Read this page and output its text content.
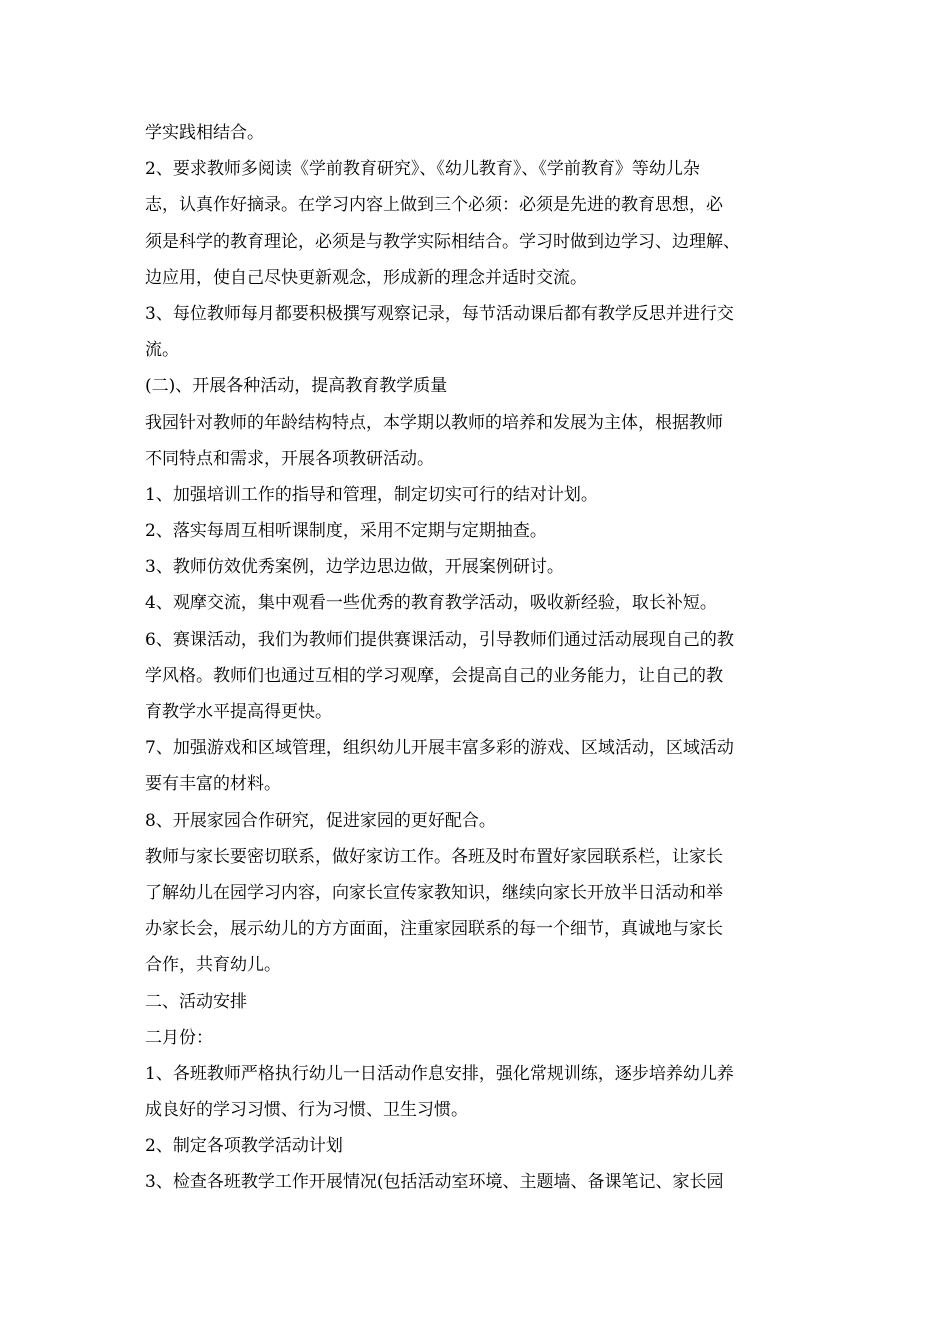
学实践相结合。
2、要求教师多阅读《学前教育研究》、《幼儿教育》、《学前教育》等幼儿杂
志，认真作好摘录。在学习内容上做到三个必须：必须是先进的教育思想，必
须是科学的教育理论，必须是与教学实际相结合。学习时做到边学习、边理解、
边应用，使自己尽快更新观念，形成新的理念并适时交流。
3、每位教师每月都要积极撰写观察记录，每节活动课后都有教学反思并进行交
流。
(二)、开展各种活动，提高教育教学质量
我园针对教师的年龄结构特点，本学期以教师的培养和发展为主体，根据教师
不同特点和需求，开展各项教研活动。
1、加强培训工作的指导和管理，制定切实可行的结对计划。
2、落实每周互相听课制度，采用不定期与定期抽查。
3、教师仿效优秀案例，边学边思边做，开展案例研讨。
4、观摩交流，集中观看一些优秀的教育教学活动，吸收新经验，取长补短。
6、赛课活动，我们为教师们提供赛课活动，引导教师们通过活动展现自己的教
学风格。教师们也通过互相的学习观摩，会提高自己的业务能力，让自己的教
育教学水平提高得更快。
7、加强游戏和区域管理，组织幼儿开展丰富多彩的游戏、区域活动，区域活动
要有丰富的材料。
8、开展家园合作研究，促进家园的更好配合。
教师与家长要密切联系，做好家访工作。各班及时布置好家园联系栏，让家长
了解幼儿在园学习内容，向家长宣传家教知识，继续向家长开放半日活动和举
办家长会，展示幼儿的方方面面，注重家园联系的每一个细节，真诚地与家长
合作，共育幼儿。
二、活动安排
二月份：
1、各班教师严格执行幼儿一日活动作息安排，强化常规训练，逐步培养幼儿养
成良好的学习习惯、行为习惯、卫生习惯。
2、制定各项教学活动计划
3、检查各班教学工作开展情况(包括活动室环境、主题墙、备课笔记、家长园
